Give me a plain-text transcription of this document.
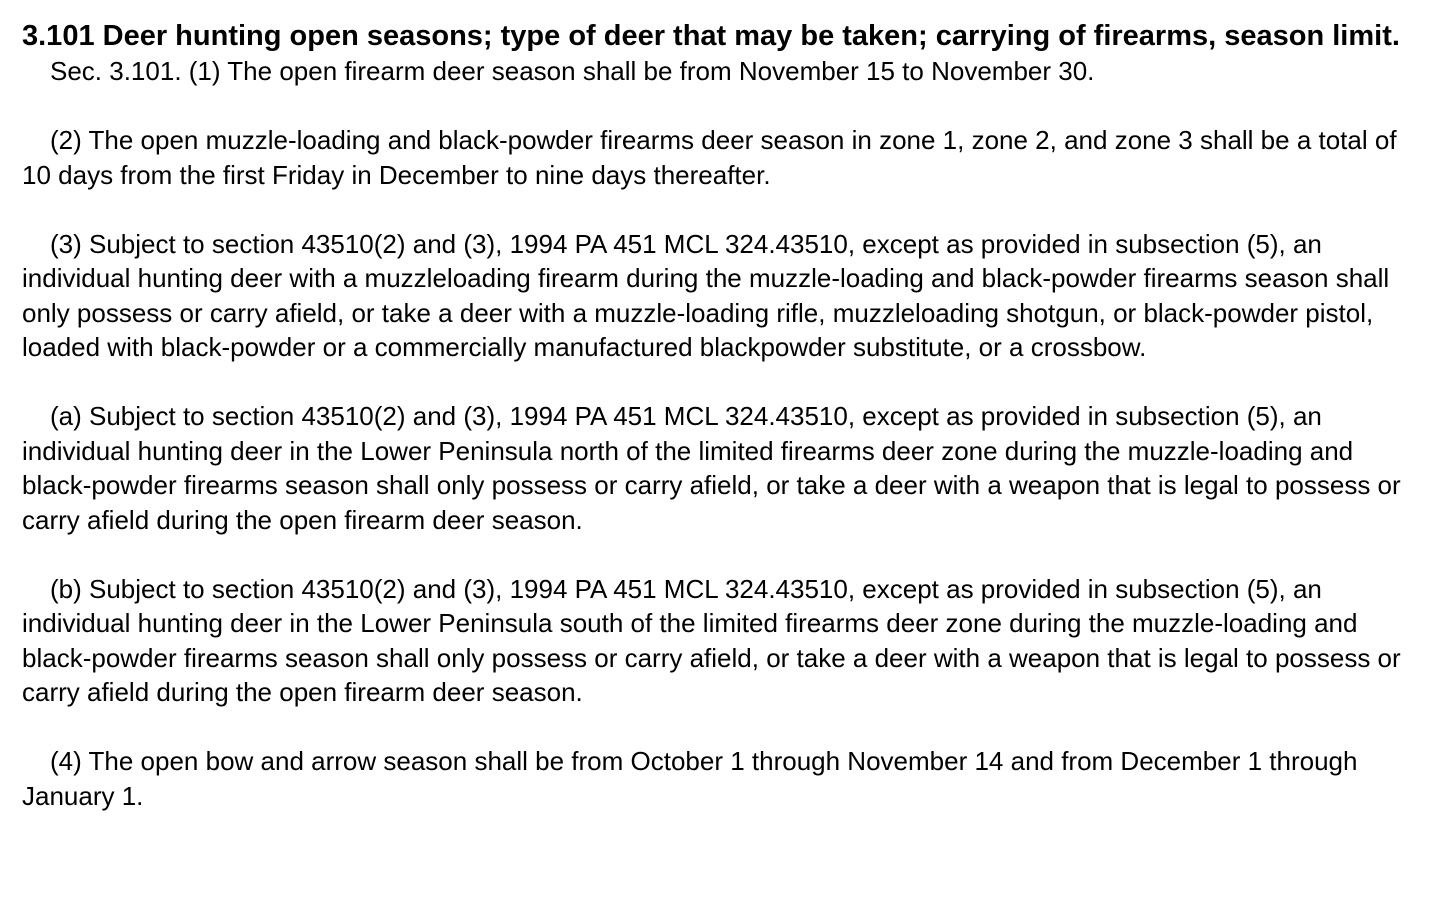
3.101 Deer hunting open seasons; type of deer that may be taken; carrying of firearms, season limit.

Sec. 3.101. (1) The open firearm deer season shall be from November 15 to November 30.

(2) The open muzzle-loading and black-powder firearms deer season in zone 1, zone 2, and zone 3 shall be a total of 10 days from the first Friday in December to nine days thereafter.

(3) Subject to section 43510(2) and (3), 1994 PA 451 MCL 324.43510, except as provided in subsection (5), an individual hunting deer with a muzzleloading firearm during the muzzle-loading and black-powder firearms season shall only possess or carry afield, or take a deer with a muzzle-loading rifle, muzzleloading shotgun, or black-powder pistol, loaded with black-powder or a commercially manufactured blackpowder substitute, or a crossbow.

(a) Subject to section 43510(2) and (3), 1994 PA 451 MCL 324.43510, except as provided in subsection (5), an individual hunting deer in the Lower Peninsula north of the limited firearms deer zone during the muzzle-loading and black-powder firearms season shall only possess or carry afield, or take a deer with a weapon that is legal to possess or carry afield during the open firearm deer season.

(b) Subject to section 43510(2) and (3), 1994 PA 451 MCL 324.43510, except as provided in subsection (5), an individual hunting deer in the Lower Peninsula south of the limited firearms deer zone during the muzzle-loading and black-powder firearms season shall only possess or carry afield, or take a deer with a weapon that is legal to possess or carry afield during the open firearm deer season.

(4) The open bow and arrow season shall be from October 1 through November 14 and from December 1 through January 1.
